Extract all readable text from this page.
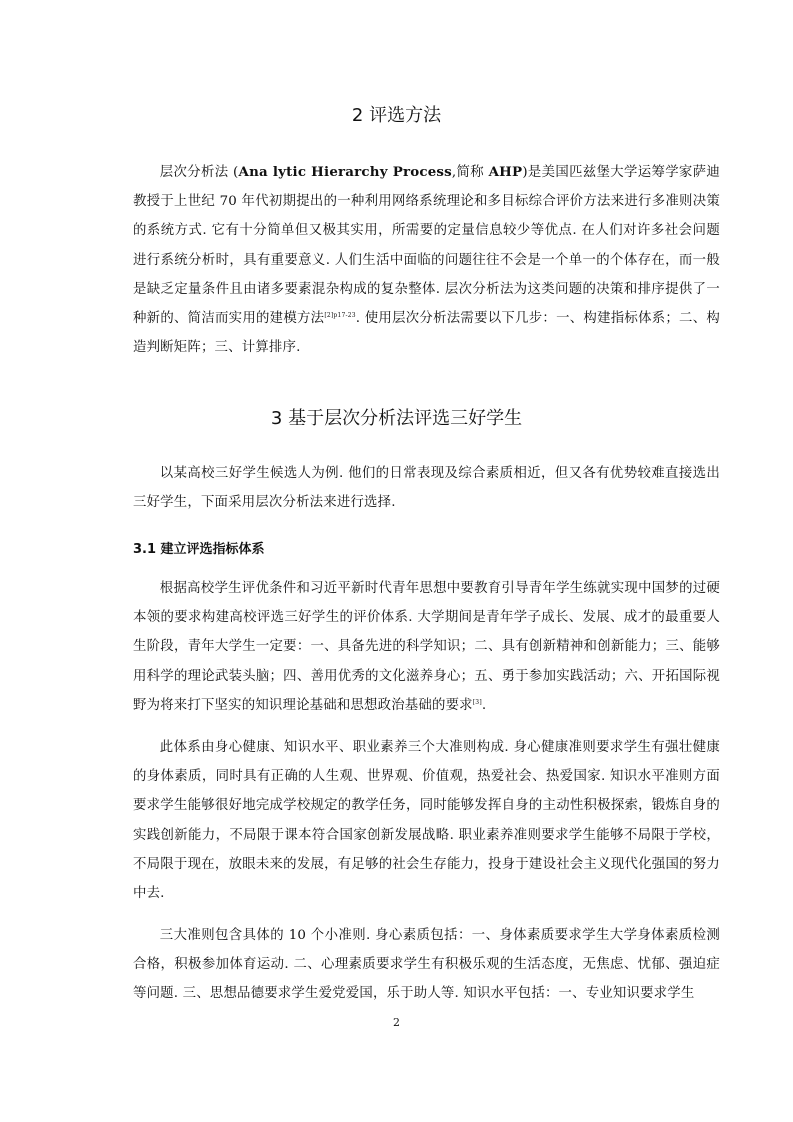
2 评选方法

层次分析法 (Ana lytic Hierarchy Process,简称 AHP)是美国匹兹堡大学运筹学家萨迪教授于上世纪 70 年代初期提出的一种利用网络系统理论和多目标综合评价方法来进行多准则决策的系统方式. 它有十分简单但又极其实用，所需要的定量信息较少等优点. 在人们对许多社会问题进行系统分析时，具有重要意义. 人们生活中面临的问题往往不会是一个单一的个体存在，而一般是缺乏定量条件且由诸多要素混杂构成的复杂整体. 层次分析法为这类问题的决策和排序提供了一种新的、简洁而实用的建模方法$^{[2]p17-23}$. 使用层次分析法需要以下几步：一、构建指标体系；二、构造判断矩阵；三、计算排序.

3 基于层次分析法评选三好学生

以某高校三好学生候选人为例. 他们的日常表现及综合素质相近，但又各有优势较难直接选出三好学生，下面采用层次分析法来进行选择.

3.1 建立评选指标体系

根据高校学生评优条件和习近平新时代青年思想中要教育引导青年学生练就实现中国梦的过硬本领的要求构建高校评选三好学生的评价体系. 大学期间是青年学子成长、发展、成才的最重要人生阶段，青年大学生一定要：一、具备先进的科学知识；二、具有创新精神和创新能力；三、能够用科学的理论武装头脑；四、善用优秀的文化滋养身心；五、勇于参加实践活动；六、开拓国际视野为将来打下坚实的知识理论基础和思想政治基础的要求[3].

此体系由身心健康、知识水平、职业素养三个大准则构成. 身心健康准则要求学生有强壮健康的身体素质，同时具有正确的人生观、世界观、价值观，热爱社会、热爱国家. 知识水平准则方面要求学生能够很好地完成学校规定的教学任务，同时能够发挥自身的主动性积极探索，锻炼自身的实践创新能力，不局限于课本符合国家创新发展战略. 职业素养准则要求学生能够不局限于学校，不局限于现在，放眼未来的发展，有足够的社会生存能力，投身于建设社会主义现代化强国的努力中去.

三大准则包含具体的 10 个小准则. 身心素质包括：一、身体素质要求学生大学身体素质检测合格，积极参加体育运动. 二、心理素质要求学生有积极乐观的生活态度，无焦虑、忧郁、强迫症等问题. 三、思想品德要求学生爱党爱国，乐于助人等. 知识水平包括：一、专业知识要求学生

2
